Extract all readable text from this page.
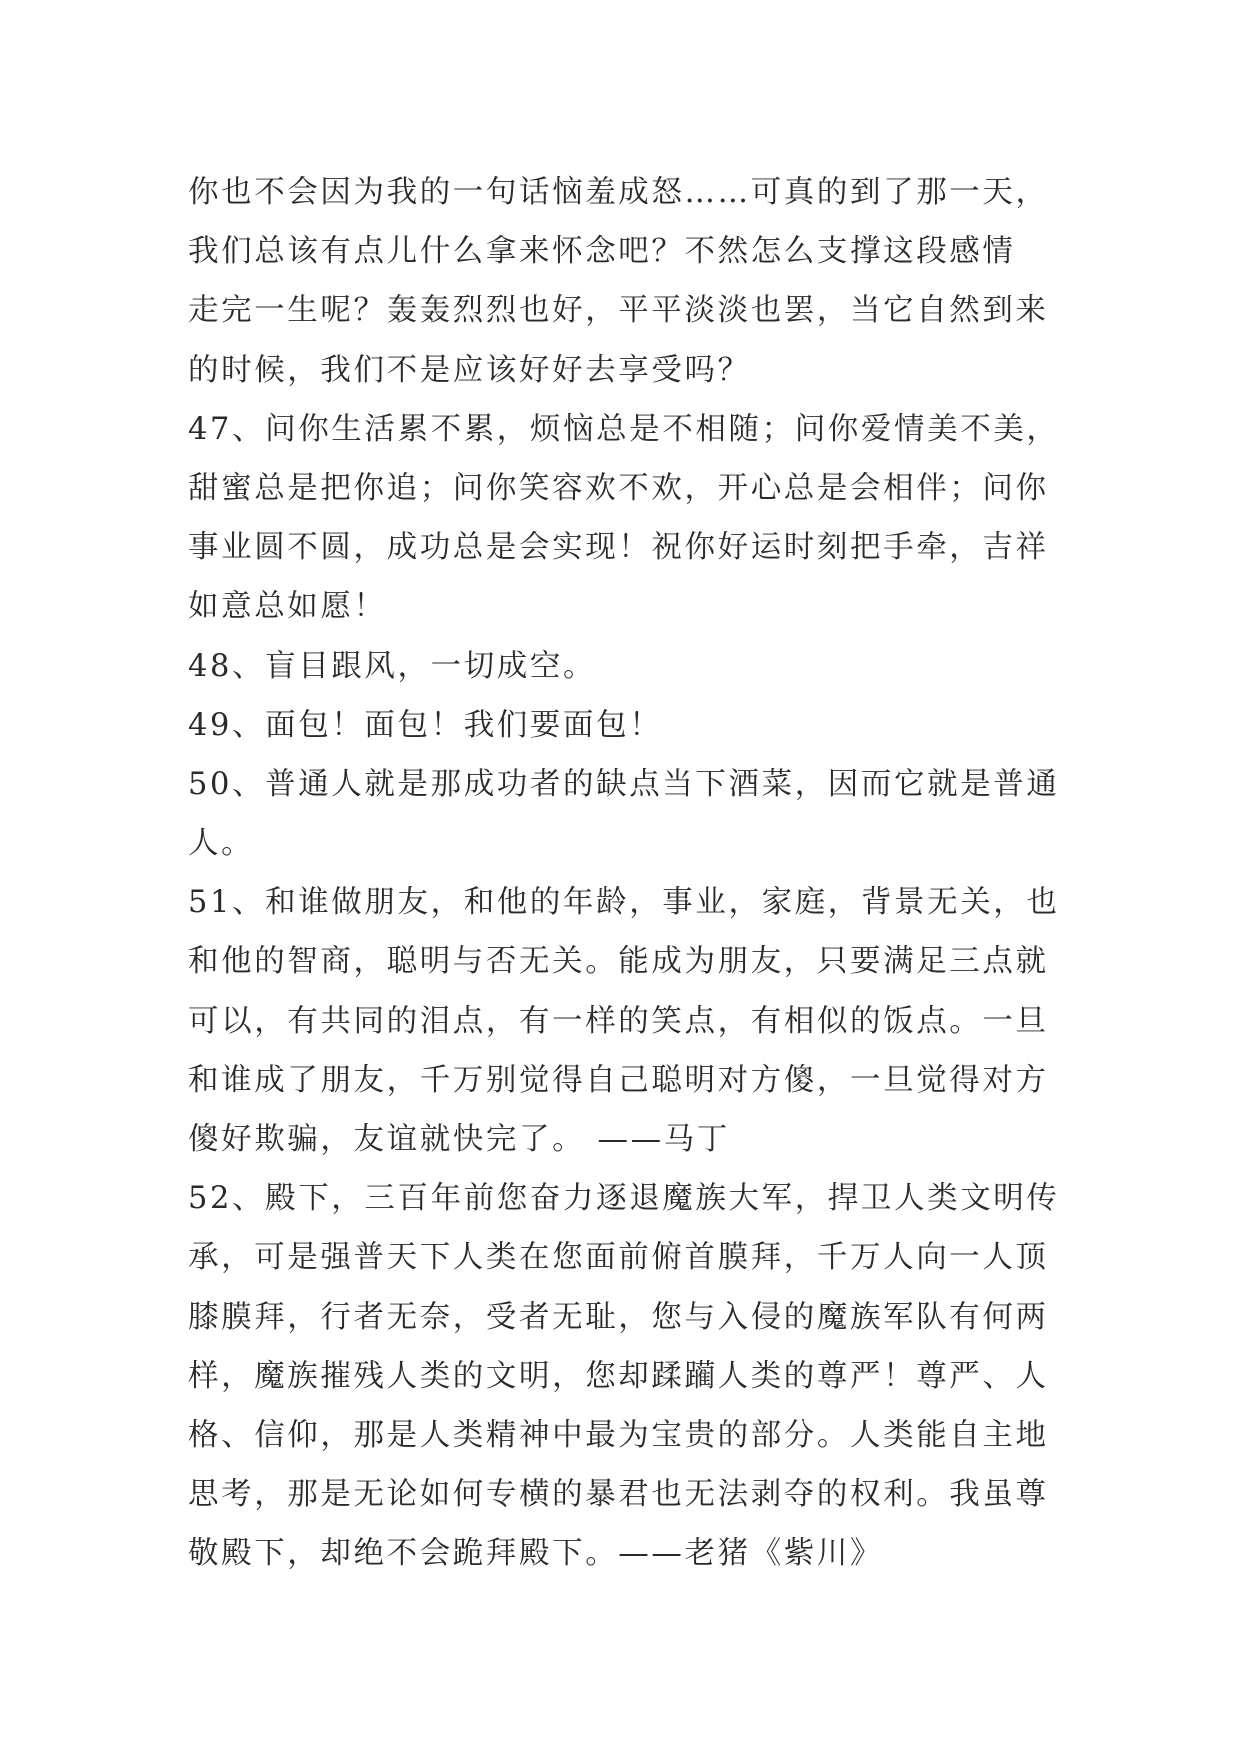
你也不会因为我的一句话恼羞成怒……可真的到了那一天，
我们总该有点儿什么拿来怀念吧？不然怎么支撑这段感情
走完一生呢？轰轰烈烈也好，平平淡淡也罢，当它自然到来
的时候，我们不是应该好好去享受吗？
47、问你生活累不累，烦恼总是不相随；问你爱情美不美，
甜蜜总是把你追；问你笑容欢不欢，开心总是会相伴；问你
事业圆不圆，成功总是会实现！祝你好运时刻把手牵，吉祥
如意总如愿！
48、盲目跟风，一切成空。
49、面包！面包！我们要面包！
50、普通人就是那成功者的缺点当下酒菜，因而它就是普通
人。
51、和谁做朋友，和他的年龄，事业，家庭，背景无关，也
和他的智商，聪明与否无关。能成为朋友，只要满足三点就
可以，有共同的泪点，有一样的笑点，有相似的饭点。一旦
和谁成了朋友，千万别觉得自己聪明对方傻，一旦觉得对方
傻好欺骗，友谊就快完了。 ——马丁
52、殿下，三百年前您奋力逐退魔族大军，捍卫人类文明传
承，可是强普天下人类在您面前俯首膜拜，千万人向一人顶
膝膜拜，行者无奈，受者无耻，您与入侵的魔族军队有何两
样，魔族摧残人类的文明，您却蹂躏人类的尊严！尊严、人
格、信仰，那是人类精神中最为宝贵的部分。人类能自主地
思考，那是无论如何专横的暴君也无法剥夺的权利。我虽尊
敬殿下，却绝不会跪拜殿下。——老猪《紫川》
